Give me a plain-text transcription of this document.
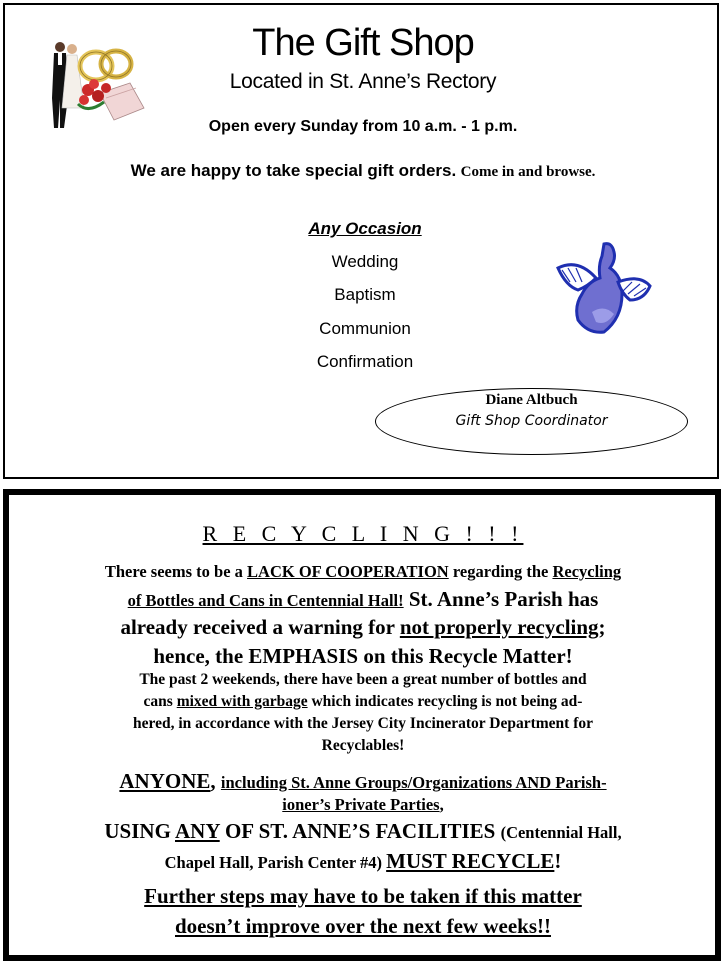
The Gift Shop
Located in St. Anne’s Rectory
Open every Sunday from 10 a.m. - 1 p.m.
We are happy to take special gift orders. Come in and browse.
Any Occasion
Wedding
Baptism
Communion
Confirmation
Diane Altbuch
Gift Shop Coordinator
R E C Y C L I N G ! ! !
There seems to be a LACK OF COOPERATION regarding the Recycling
of Bottles and Cans in Centennial Hall! St. Anne’s Parish has
already received a warning for not properly recycling;
hence, the EMPHASIS on this Recycle Matter!
The past 2 weekends, there have been a great number of bottles and
cans mixed with garbage which indicates recycling is not being ad-
hered, in accordance with the Jersey City Incinerator Department for
Recyclables!
ANYONE, including St. Anne Groups/Organizations AND Parish-
ioner’s Private Parties,
USING ANY OF ST. ANNE’S FACILITIES (Centennial Hall,
Chapel Hall, Parish Center #4) MUST RECYCLE!
Further steps may have to be taken if this matter
doesn’t improve over the next few weeks!!
